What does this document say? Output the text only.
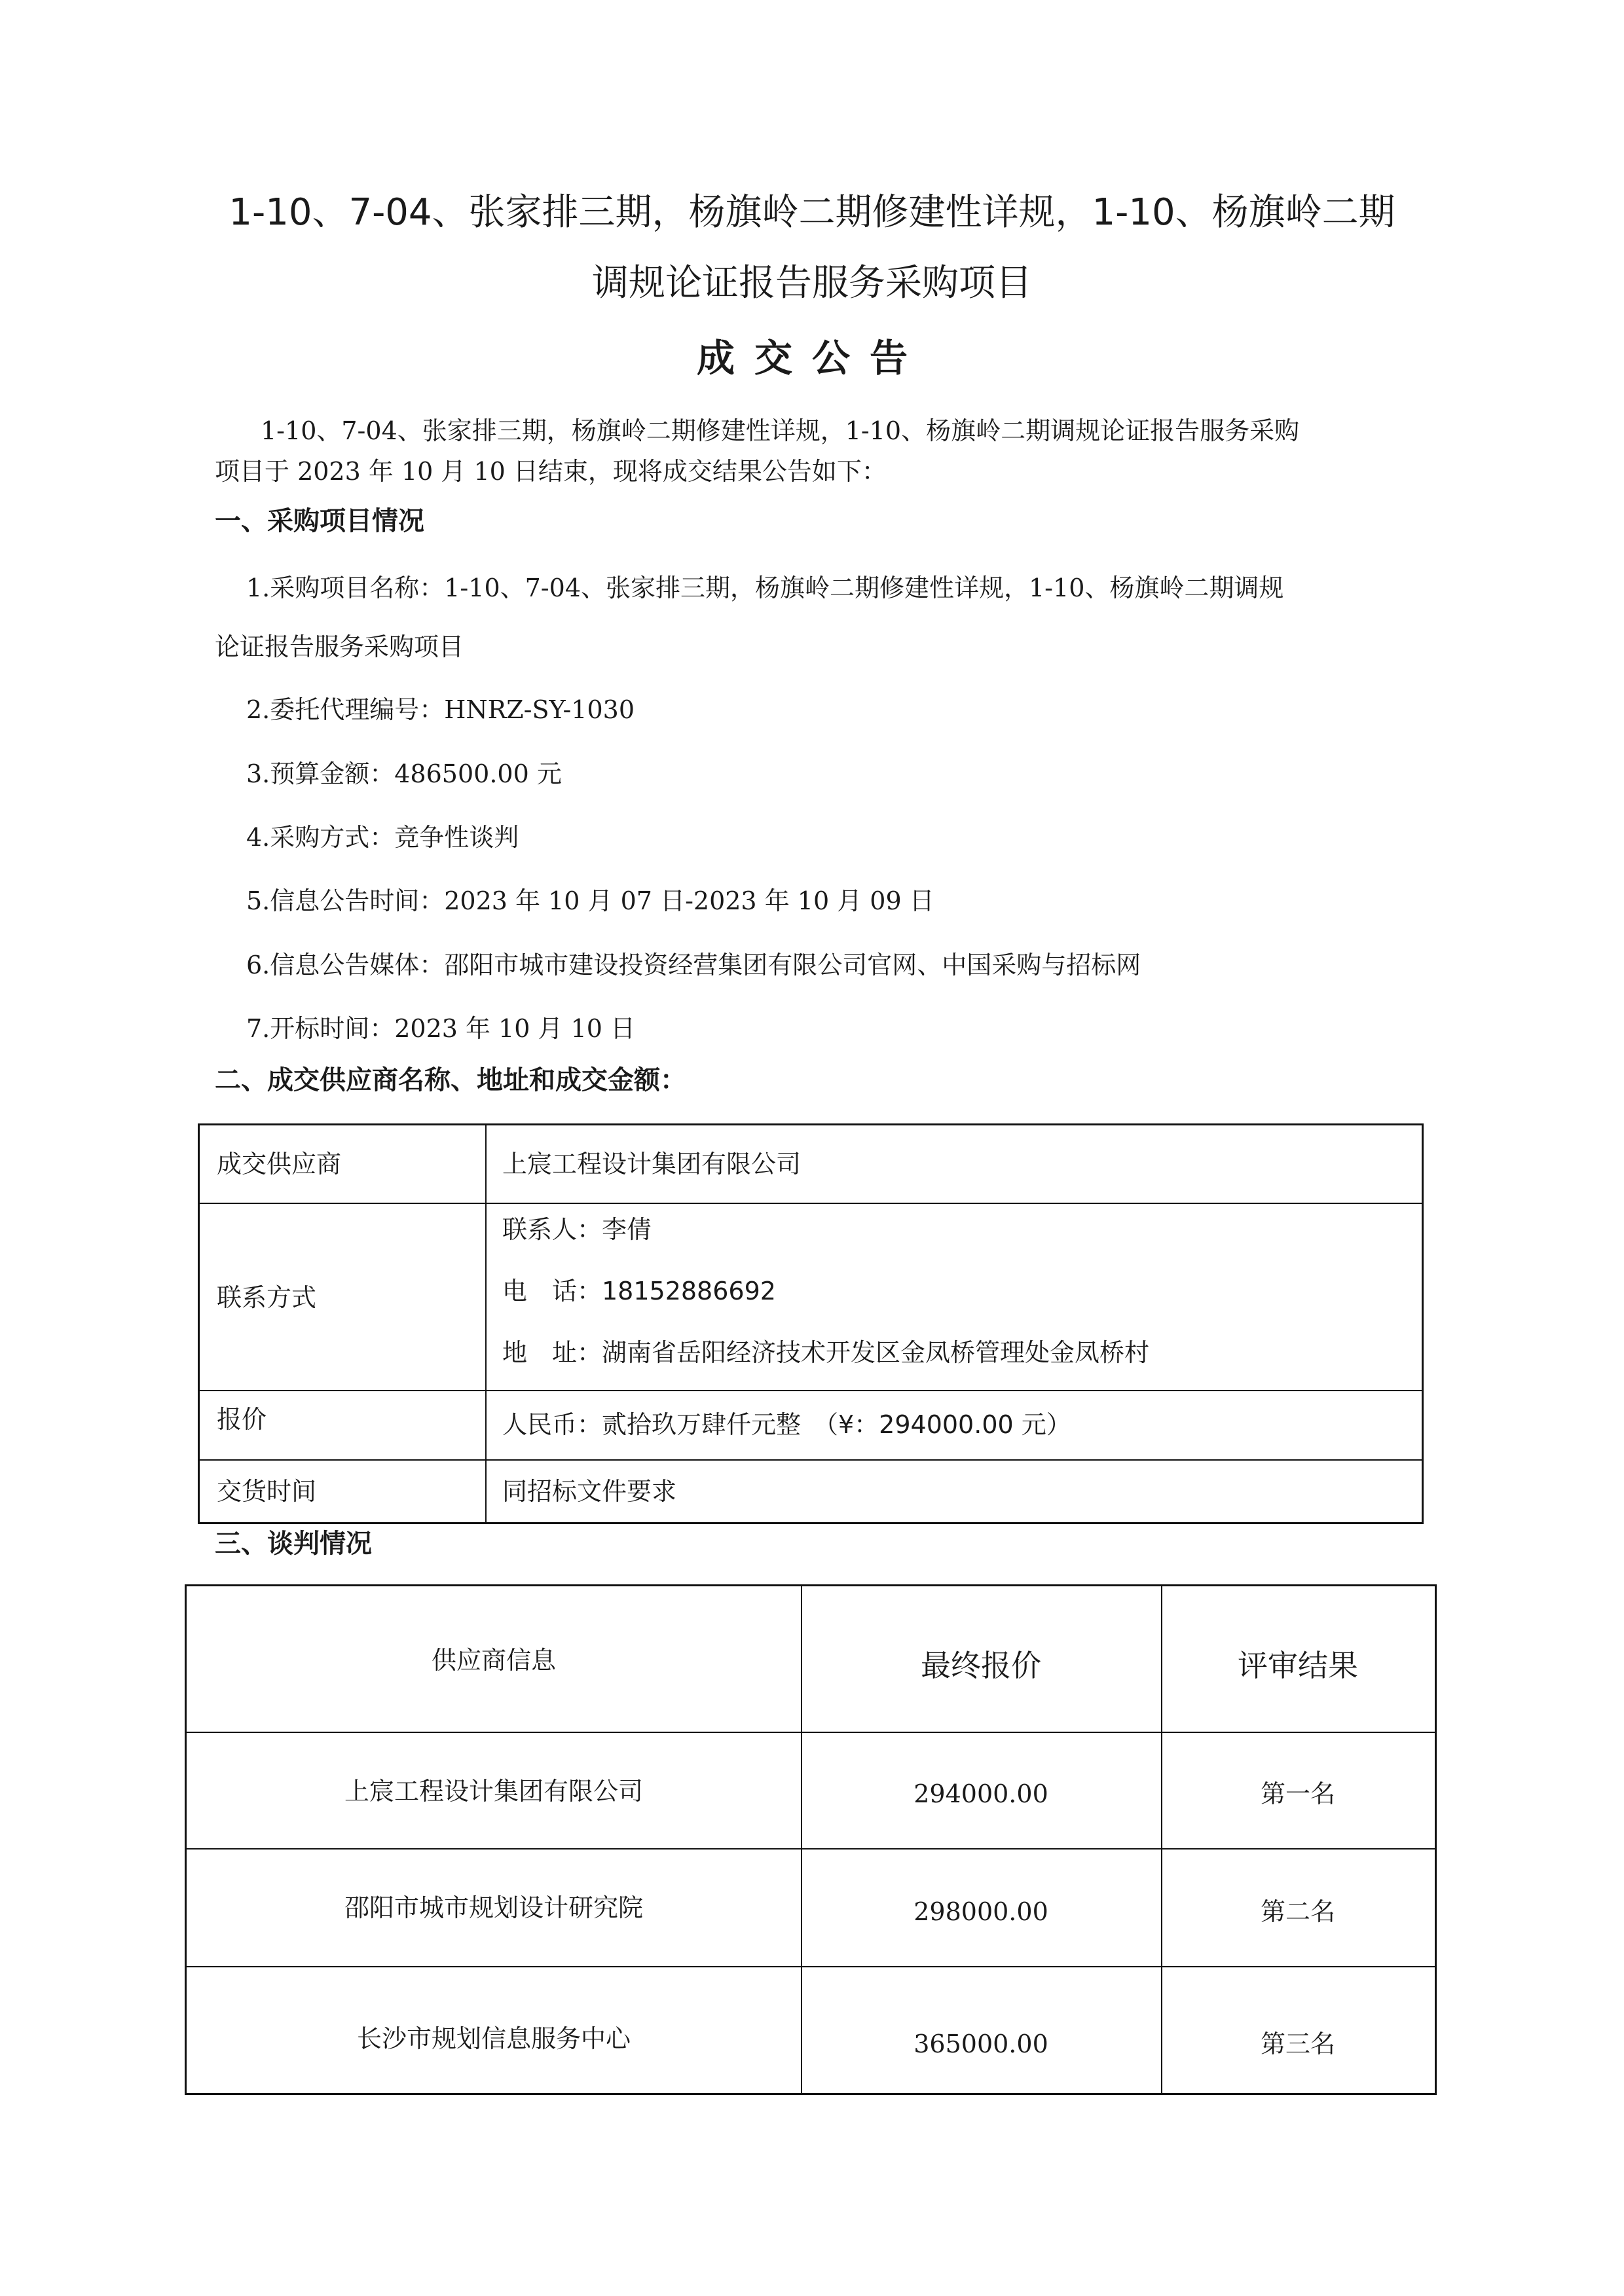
1-10、7-04、张家排三期，杨旗岭二期修建性详规，1-10、杨旗岭二期
调规论证报告服务采购项目
成交公告
1-10、7-04、张家排三期，杨旗岭二期修建性详规，1-10、杨旗岭二期调规论证报告服务采购
项目于 2023 年 10 月 10 日结束，现将成交结果公告如下：
一、采购项目情况
1.采购项目名称：1-10、7-04、张家排三期，杨旗岭二期修建性详规，1-10、杨旗岭二期调规
论证报告服务采购项目
2.委托代理编号：HNRZ-SY-1030
3.预算金额：486500.00 元
4.采购方式：竞争性谈判
5.信息公告时间：2023 年 10 月 07 日-2023 年 10 月 09 日
6.信息公告媒体：邵阳市城市建设投资经营集团有限公司官网、中国采购与招标网
7.开标时间：2023 年 10 月 10 日
二、成交供应商名称、地址和成交金额：
成交供应商	上宸工程设计集团有限公司
联系方式
联系人：李倩
电　话：18152886692
地　址：湖南省岳阳经济技术开发区金凤桥管理处金凤桥村
报价	人民币：贰拾玖万肆仟元整　（¥：294000.00 元）
交货时间	同招标文件要求
三、谈判情况
供应商信息	最终报价	评审结果
上宸工程设计集团有限公司	294000.00	第一名
邵阳市城市规划设计研究院	298000.00	第二名
长沙市规划信息服务中心	365000.00	第三名
